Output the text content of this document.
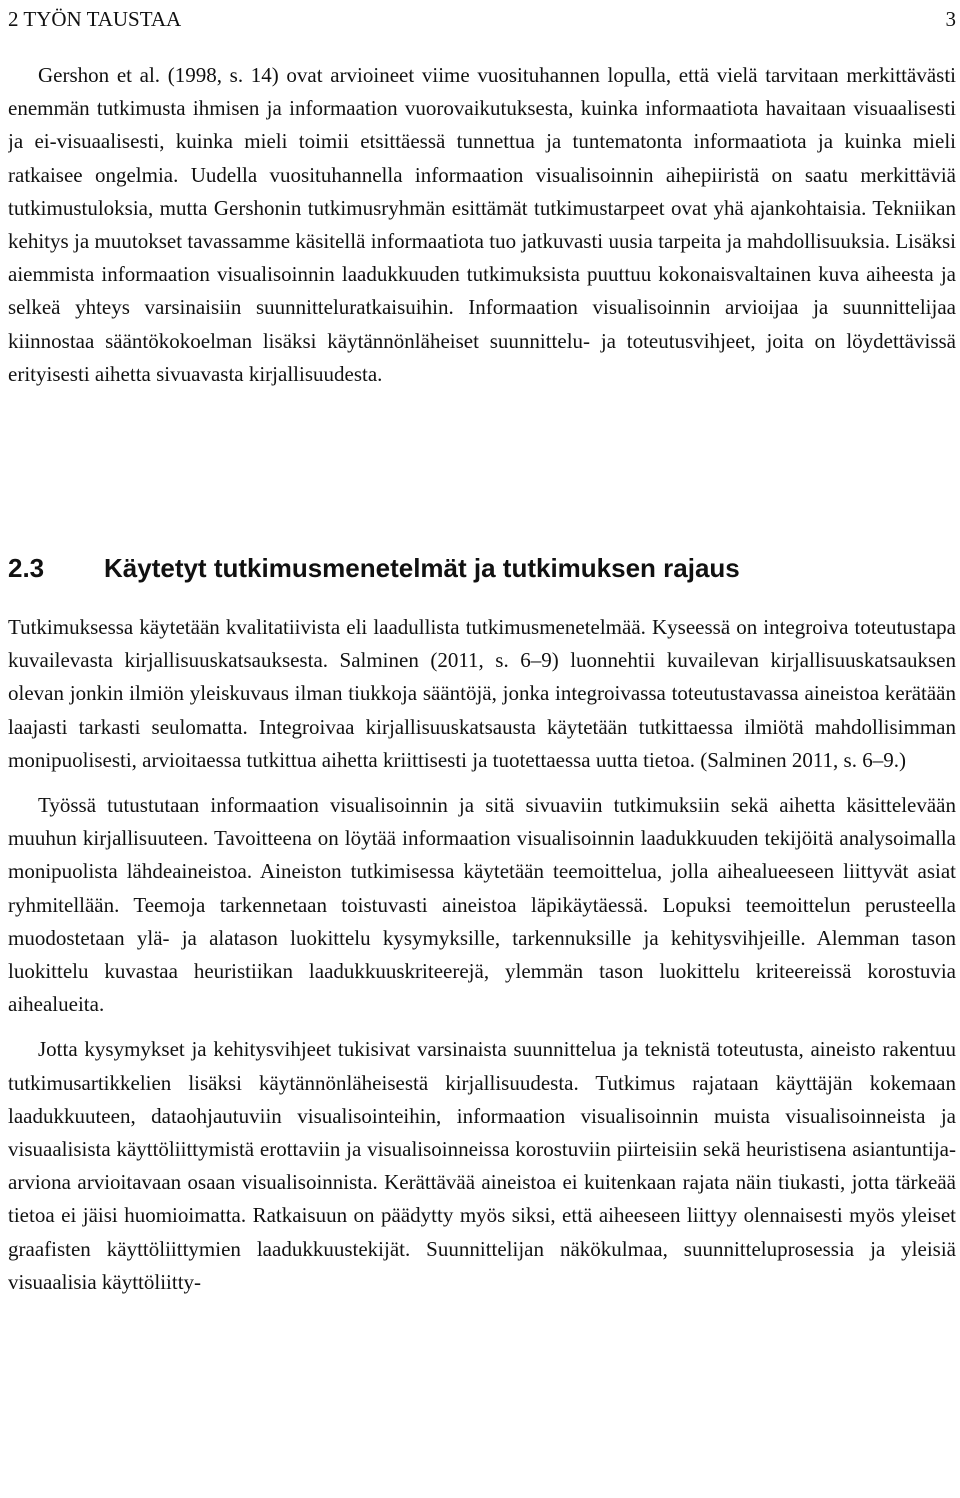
2 TYÖN TAUSTAA	3

Gershon et al. (1998, s. 14) ovat arvioineet viime vuosituhannen lopulla, että vielä tarvitaan merkittävästi enemmän tutkimusta ihmisen ja informaation vuorovaikutuksesta, kuinka informaatiota havaitaan visuaalisesti ja ei-visuaalisesti, kuinka mieli toimii etsittäessä tunnettua ja tuntematonta informaatiota ja kuinka mieli ratkaisee ongelmia. Uudella vuosituhannella informaation visualisoinnin aihepiiristä on saatu merkittäviä tutkimustuloksia, mutta Gershonin tutkimusryhmän esittämät tutkimustarpeet ovat yhä ajankohtaisia. Tekniikan kehitys ja muutokset tavassamme käsitellä informaatiota tuo jatkuvasti uusia tarpeita ja mahdollisuuksia. Lisäksi aiemmista informaation visualisoinnin laadukkuuden tutkimuksista puuttuu kokonaisvaltainen kuva aiheesta ja selkeä yhteys varsinaisiin suunnitteluratkaisuihin. Informaation visualisoinnin arvioijaa ja suunnittelijaa kiinnostaa sääntökokoelman lisäksi käytännönläheiset suunnittelu- ja toteutusvihjeet, joita on löydettävissä erityisesti aihetta sivuavasta kirjallisuudesta.

2.3	Käytetyt tutkimusmenetelmät ja tutkimuksen rajaus

Tutkimuksessa käytetään kvalitatiivista eli laadullista tutkimusmenetelmää. Kyseessä on integroiva toteutustapa kuvailevasta kirjallisuuskatsauksesta. Salminen (2011, s. 6–9) luonnehtii kuvailevan kirjallisuuskatsauksen olevan jonkin ilmiön yleiskuvaus ilman tiukkoja sääntöjä, jonka integroivassa toteutustavassa aineistoa kerätään laajasti tarkasti seulomatta. Integroivaa kirjallisuuskatsausta käytetään tutkittaessa ilmiötä mahdollisimman monipuolisesti, arvioitaessa tutkittua aihetta kriittisesti ja tuotettaessa uutta tietoa. (Salminen 2011, s. 6–9.)

Työssä tutustutaan informaation visualisoinnin ja sitä sivuaviin tutkimuksiin sekä aihetta käsittelevään muuhun kirjallisuuteen. Tavoitteena on löytää informaation visualisoinnin laadukkuuden tekijöitä analysoimalla monipuolista lähdeaineistoa. Aineiston tutkimisessa käytetään teemoittelua, jolla aihealueeseen liittyvät asiat ryhmitellään. Teemoja tarkennetaan toistuvasti aineistoa läpikäytäessä. Lopuksi teemoittelun perusteella muodostetaan ylä- ja alatason luokittelu kysymyksille, tarkennuksille ja kehitysvihjeille. Alemman tason luokittelu kuvastaa heuristiikan laadukkuuskriteerejä, ylemmän tason luokittelu kriteereissä korostuvia aihealueita.

Jotta kysymykset ja kehitysvihjeet tukisivat varsinaista suunnittelua ja teknistä toteutusta, aineisto rakentuu tutkimusartikkelien lisäksi käytännönläheisestä kirjallisuudesta. Tutkimus rajataan käyttäjän kokemaan laadukkuuteen, dataohjautuviin visualisointeihin, informaation visualisoinnin muista visualisoinneista ja visuaalisista käyttöliittymistä erottaviin ja visualisoinneissa korostuviin piirteisiin sekä heuristisena asiantuntija-arviona arvioitavaan osaan visualisoinnista. Kerättävää aineistoa ei kuitenkaan rajata näin tiukasti, jotta tärkeää tietoa ei jäisi huomioimatta. Ratkaisuun on päädytty myös siksi, että aiheeseen liittyy olennaisesti myös yleiset graafisten käyttöliittymien laadukkuustekijät. Suunnittelijan näkökulmaa, suunnitteluprosessia ja yleisiä visuaalisia käyttöliitty-
